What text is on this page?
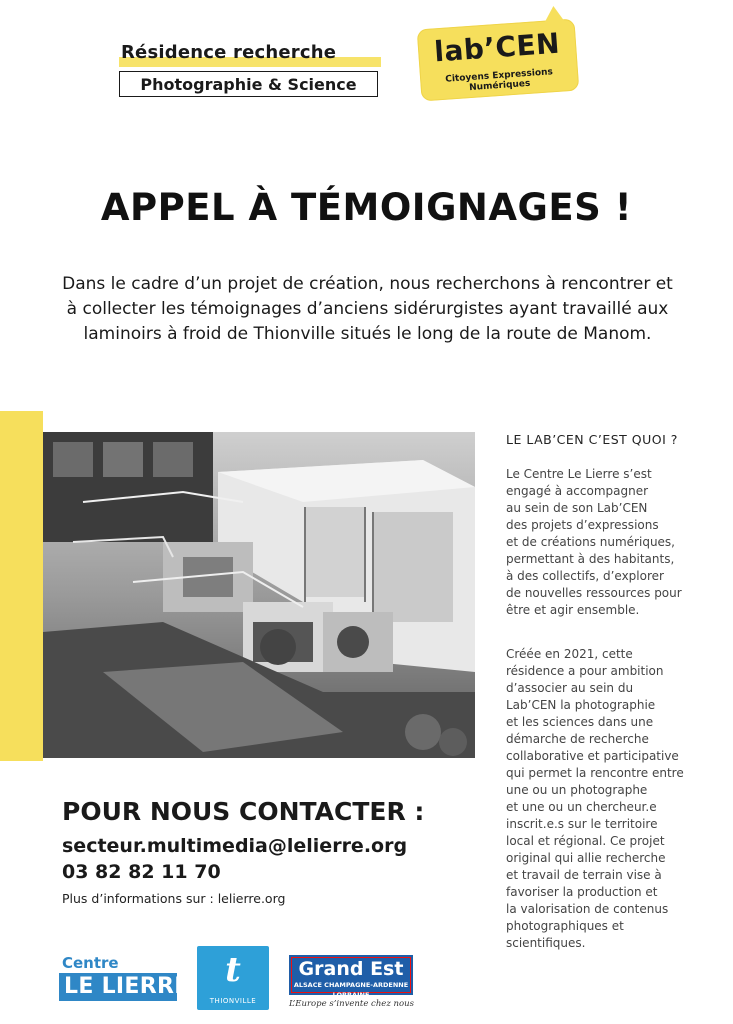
Résidence recherche
Photographie & Science
lab’CEN
Citoyens Expressions Numériques
APPEL À TÉMOIGNAGES !
Dans le cadre d’un projet de création, nous recherchons à rencontrer et à collecter les témoignages d’anciens sidérurgistes ayant travaillé aux laminoirs à froid de Thionville situés le long de la route de Manom.
LE LAB’CEN C’EST QUOI ?
Le Centre Le Lierre s’est
engagé à accompagner
au sein de son Lab’CEN
des projets d’expressions
et de créations numériques,
permettant à des habitants,
à des collectifs, d’explorer
de nouvelles ressources pour
être et agir ensemble.
Créée en 2021, cette
résidence a pour ambition
d’associer au sein du
Lab’CEN la photographie
et les sciences dans une
démarche de recherche
collaborative et participative
qui permet la rencontre entre
une ou un photographe
et une ou un chercheur.e
inscrit.e.s sur le territoire
local et régional. Ce projet
original qui allie recherche
et travail de terrain vise à
favoriser la production et
la valorisation de contenus
photographiques et
scientifiques.
POUR NOUS CONTACTER :
secteur.multimedia@lelierre.org
03 82 82 11 70
Plus d’informations sur : lelierre.org
Centre
LE LIERRE	t
THIONVILLE
Grand Est
ALSACE CHAMPAGNE-ARDENNE LORRAINE
L’Europe s’invente chez nous
